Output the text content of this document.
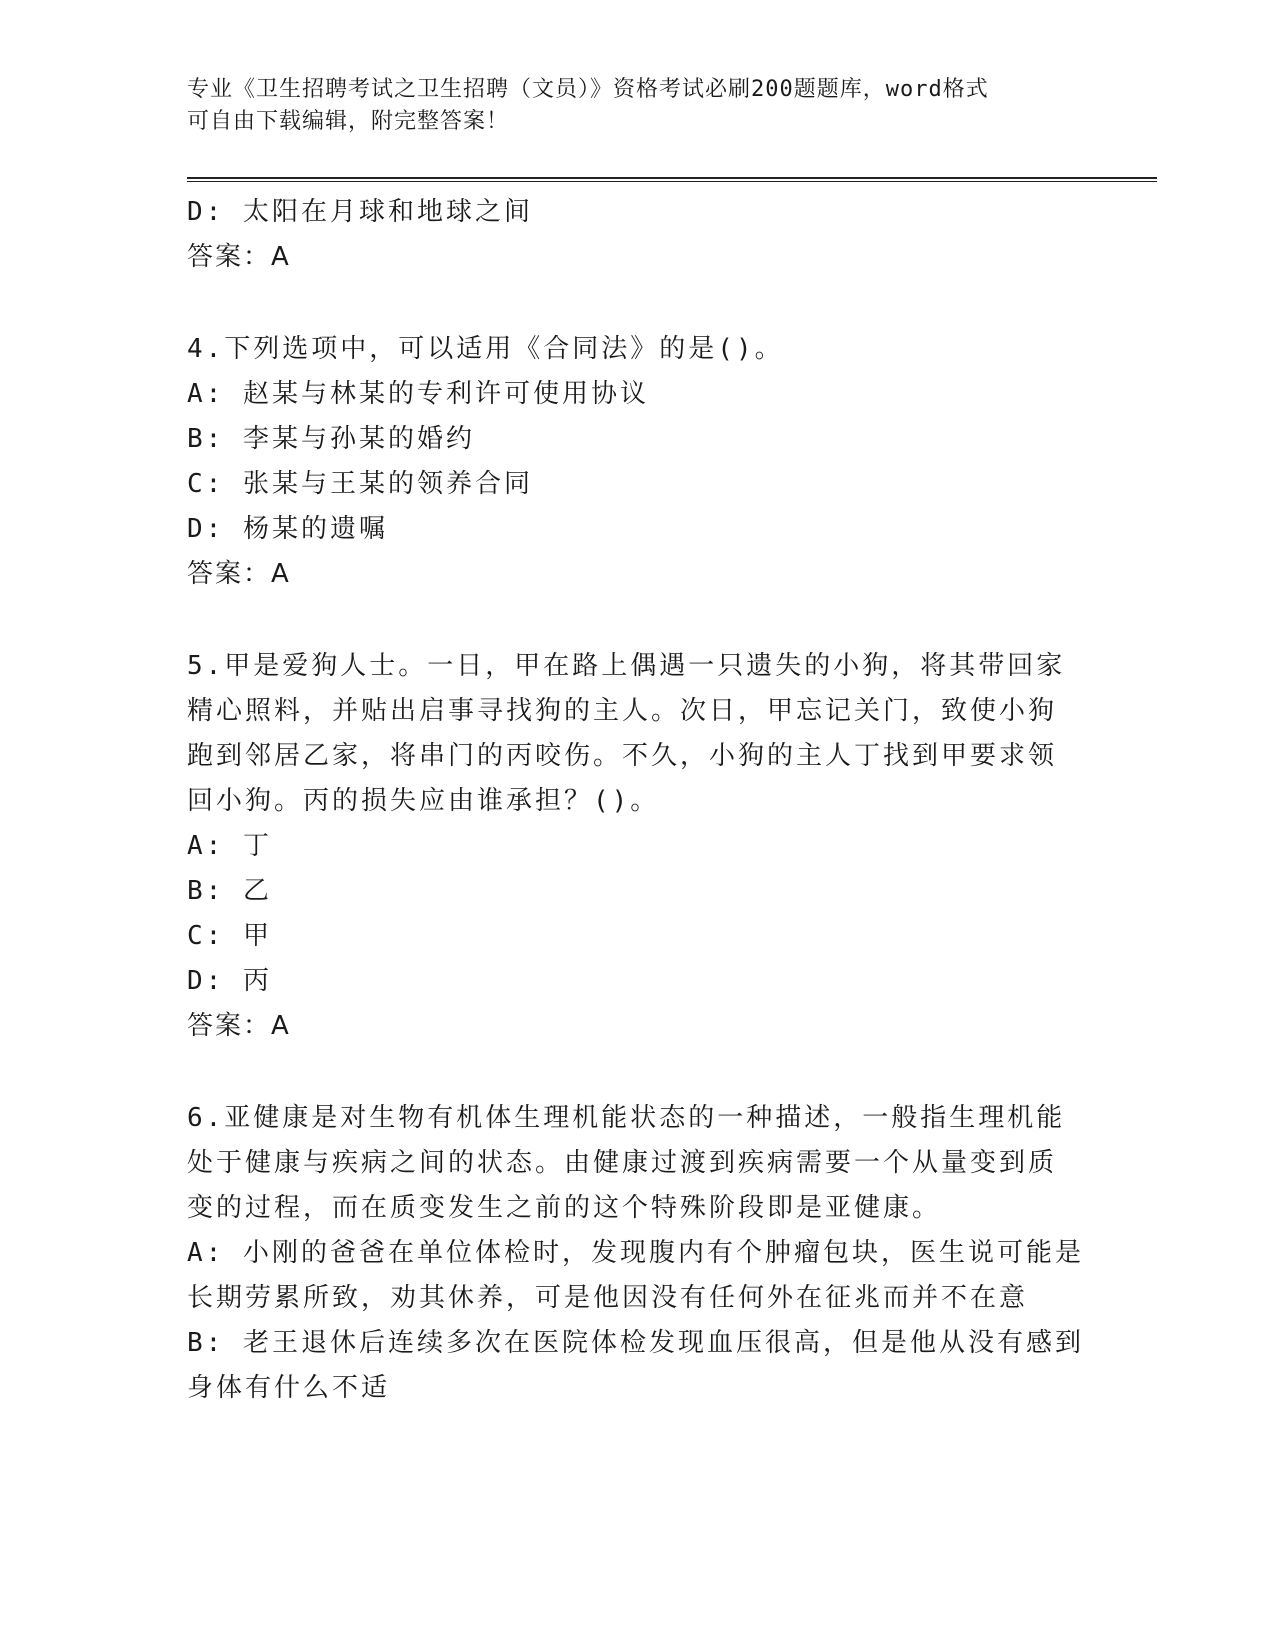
专业《卫生招聘考试之卫生招聘（文员）》资格考试必刷200题题库，word格式
可自由下载编辑，附完整答案！
D: 太阳在月球和地球之间
答案：A
4.下列选项中，可以适用《合同法》的是()。
A: 赵某与林某的专利许可使用协议
B: 李某与孙某的婚约
C: 张某与王某的领养合同
D: 杨某的遗嘱
答案：A
5.甲是爱狗人士。一日，甲在路上偶遇一只遗失的小狗，将其带回家
精心照料，并贴出启事寻找狗的主人。次日，甲忘记关门，致使小狗
跑到邻居乙家，将串门的丙咬伤。不久，小狗的主人丁找到甲要求领
回小狗。丙的损失应由谁承担？()。
A: 丁
B: 乙
C: 甲
D: 丙
答案：A
6.亚健康是对生物有机体生理机能状态的一种描述，一般指生理机能
处于健康与疾病之间的状态。由健康过渡到疾病需要一个从量变到质
变的过程，而在质变发生之前的这个特殊阶段即是亚健康。
A: 小刚的爸爸在单位体检时，发现腹内有个肿瘤包块，医生说可能是
长期劳累所致，劝其休养，可是他因没有任何外在征兆而并不在意
B: 老王退休后连续多次在医院体检发现血压很高，但是他从没有感到
身体有什么不适
